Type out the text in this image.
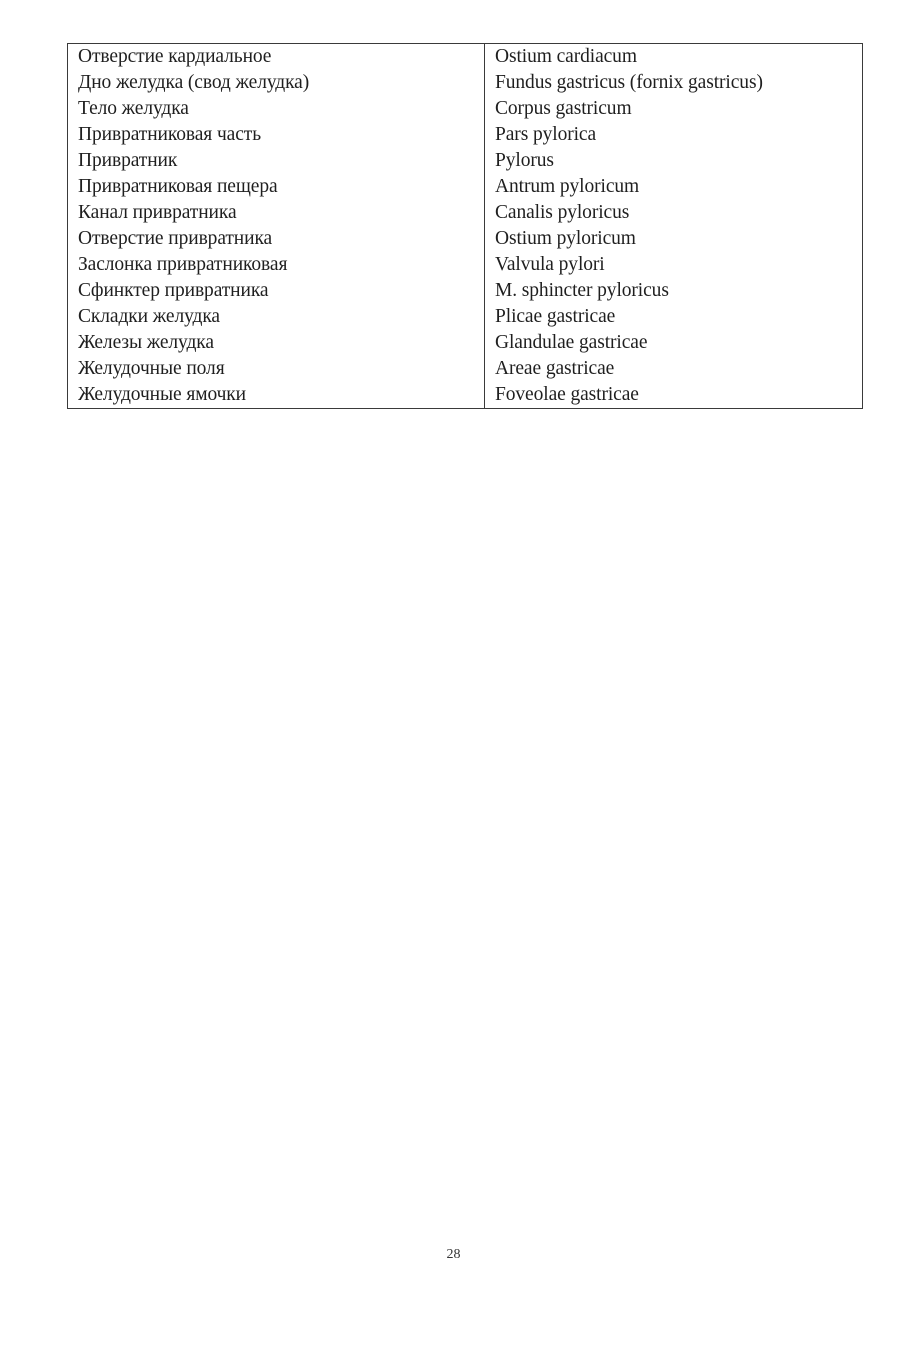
Отверстие кардиальное	Ostium cardiacum
Дно желудка (свод желудка)	Fundus gastricus (fornix gastricus)
Тело желудка	Corpus gastricum
Привратниковая часть	Pars pylorica
Привратник	Pylorus
Привратниковая пещера	Antrum pyloricum
Канал привратника	Canalis pyloricus
Отверстие привратника	Ostium pyloricum
Заслонка привратниковая	Valvula pylori
Сфинктер привратника	M. sphincter pyloricus
Складки желудка	Plicae gastricae
Железы желудка	Glandulae gastricae
Желудочные поля	Areae gastricae
Желудочные ямочки	Foveolae gastricae
28
